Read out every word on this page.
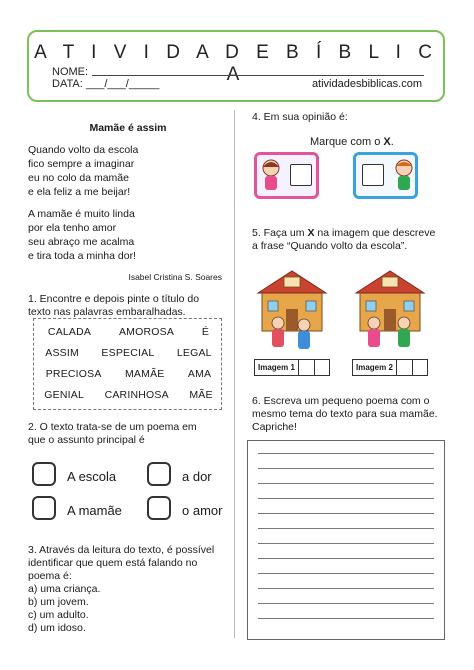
A T I V I D A D E B Í B L I C A
NOME:
DATA: ___/___/_____	atividadesbiblicas.com
Mamãe é assim
Quando volto da escola
fico sempre a imaginar
eu no colo da mamãe
e ela feliz a me beijar!
A mamãe é muito linda
por ela tenho amor
seu abraço me acalma
e tira toda a minha dor!
Isabel Cristina S. Soares
1. Encontre e depois pinte o título do
texto nas palavras embaralhadas.
CALADA	AMOROSA	É
ASSIM ESPECIAL LEGAL
PRECIOSA MAMÃE AMA
GENIAL CARINHOSA MÃE
2. O texto trata-se de um poema em
que o assunto principal é
A escola	a dor
A mamãe	o amor
3. Através da leitura do texto, é possível
identificar que quem está falando no
poema é:
a) uma criança.
b) um jovem.
c) um adulto.
d) um idoso.
4. Em sua opinião é:
Marque com o X.
5. Faça um X na imagem que descreve
a frase “Quando volto da escola”.
Imagem 1	Imagem 2
6. Escreva um pequeno poema com o
mesmo tema do texto para sua mamãe.
Capriche!
